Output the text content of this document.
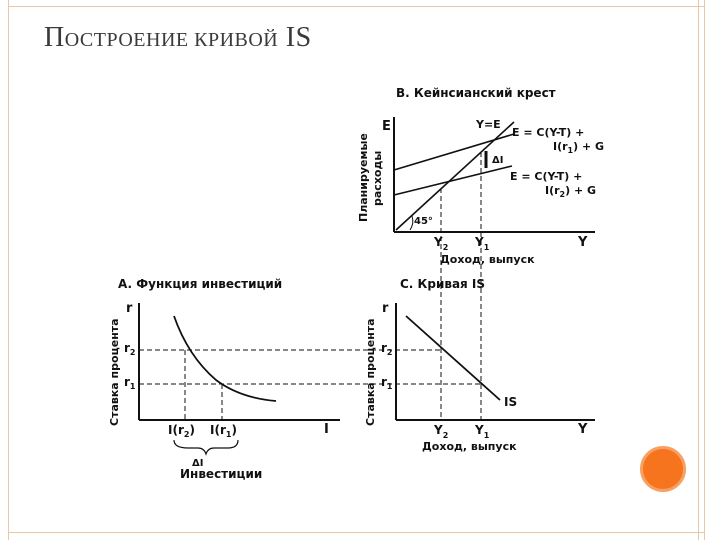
ПОСТРОЕНИЕ КРИВОЙ IS
B. Кейнсианский крест
E
Y
Планируемые расходы
Y=E
45°
E = C(Y-T) +
$I(r_1) + G$
E = C(Y-T) +
$I(r_2) + G$
ΔI
$Y_2$ $Y_1$
Доход, выпуск
A. Функция инвестиций
r
I
Ставка процента $r_2$
$r_1$
$I(r_2)$ $I(r_1)$
ΔI
Инвестиции
C. Кривая IS
r
Y
Ставка процента	IS
$r_2$
$r_1$
$Y_2$ $Y_1$
Доход, выпуск
